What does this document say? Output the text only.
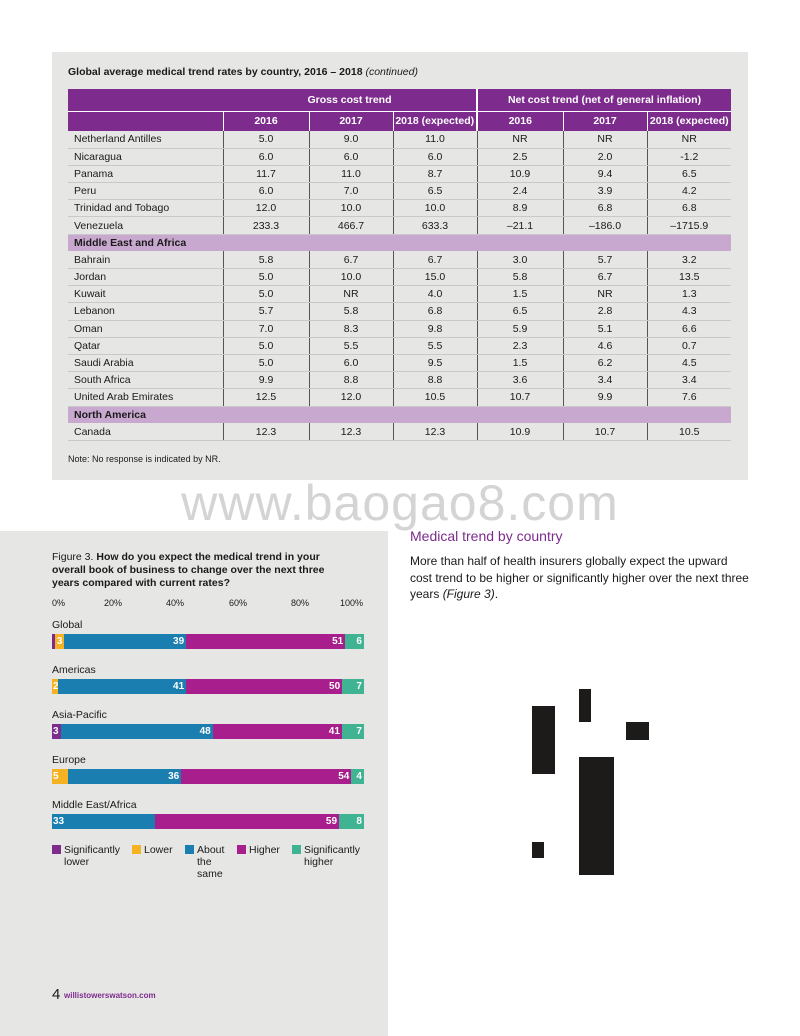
Global average medical trend rates by country, 2016 – 2018 (continued)
	Gross cost trend			Net cost trend (net of general inflation)		
	2016	2017	2018 (expected)	2016	2017	2018 (expected)
Netherland Antilles	5.0	9.0	11.0	NR	NR	NR
Nicaragua	6.0	6.0	6.0	2.5	2.0	-1.2
Panama	11.7	11.0	8.7	10.9	9.4	6.5
Peru	6.0	7.0	6.5	2.4	3.9	4.2
Trinidad and Tobago	12.0	10.0	10.0	8.9	6.8	6.8
Venezuela	233.3	466.7	633.3	–21.1	–186.0	–1715.9
Middle East and Africa						
Bahrain	5.8	6.7	6.7	3.0	5.7	3.2
Jordan	5.0	10.0	15.0	5.8	6.7	13.5
Kuwait	5.0	NR	4.0	1.5	NR	1.3
Lebanon	5.7	5.8	6.8	6.5	2.8	4.3
Oman	7.0	8.3	9.8	5.9	5.1	6.6
Qatar	5.0	5.5	5.5	2.3	4.6	0.7
Saudi Arabia	5.0	6.0	9.5	1.5	6.2	4.5
South Africa	9.9	8.8	8.8	3.6	3.4	3.4
United Arab Emirates	12.5	12.0	10.5	10.7	9.9	7.6
North America						
Canada	12.3	12.3	12.3	10.9	10.7	10.5
Note: No response is indicated by NR.
www.baogao8.com
Figure 3. How do you expect the medical trend in your overall book of business to change over the next three years compared with current rates?
0%	20%	40%	60%	80%	100%
Global
3	39	51	6
Americas
2	41	50	7
Asia-Pacific
3	48	41	7
Europe
5	36	54 4
Middle East/Africa
33	59	8
Significantly lower
Lower About the same
Higher Significantly higher
4 willistowerswatson.com
Medical trend by country
More than half of health insurers globally expect the upward cost trend to be higher or significantly higher over the next three years (Figure 3).
